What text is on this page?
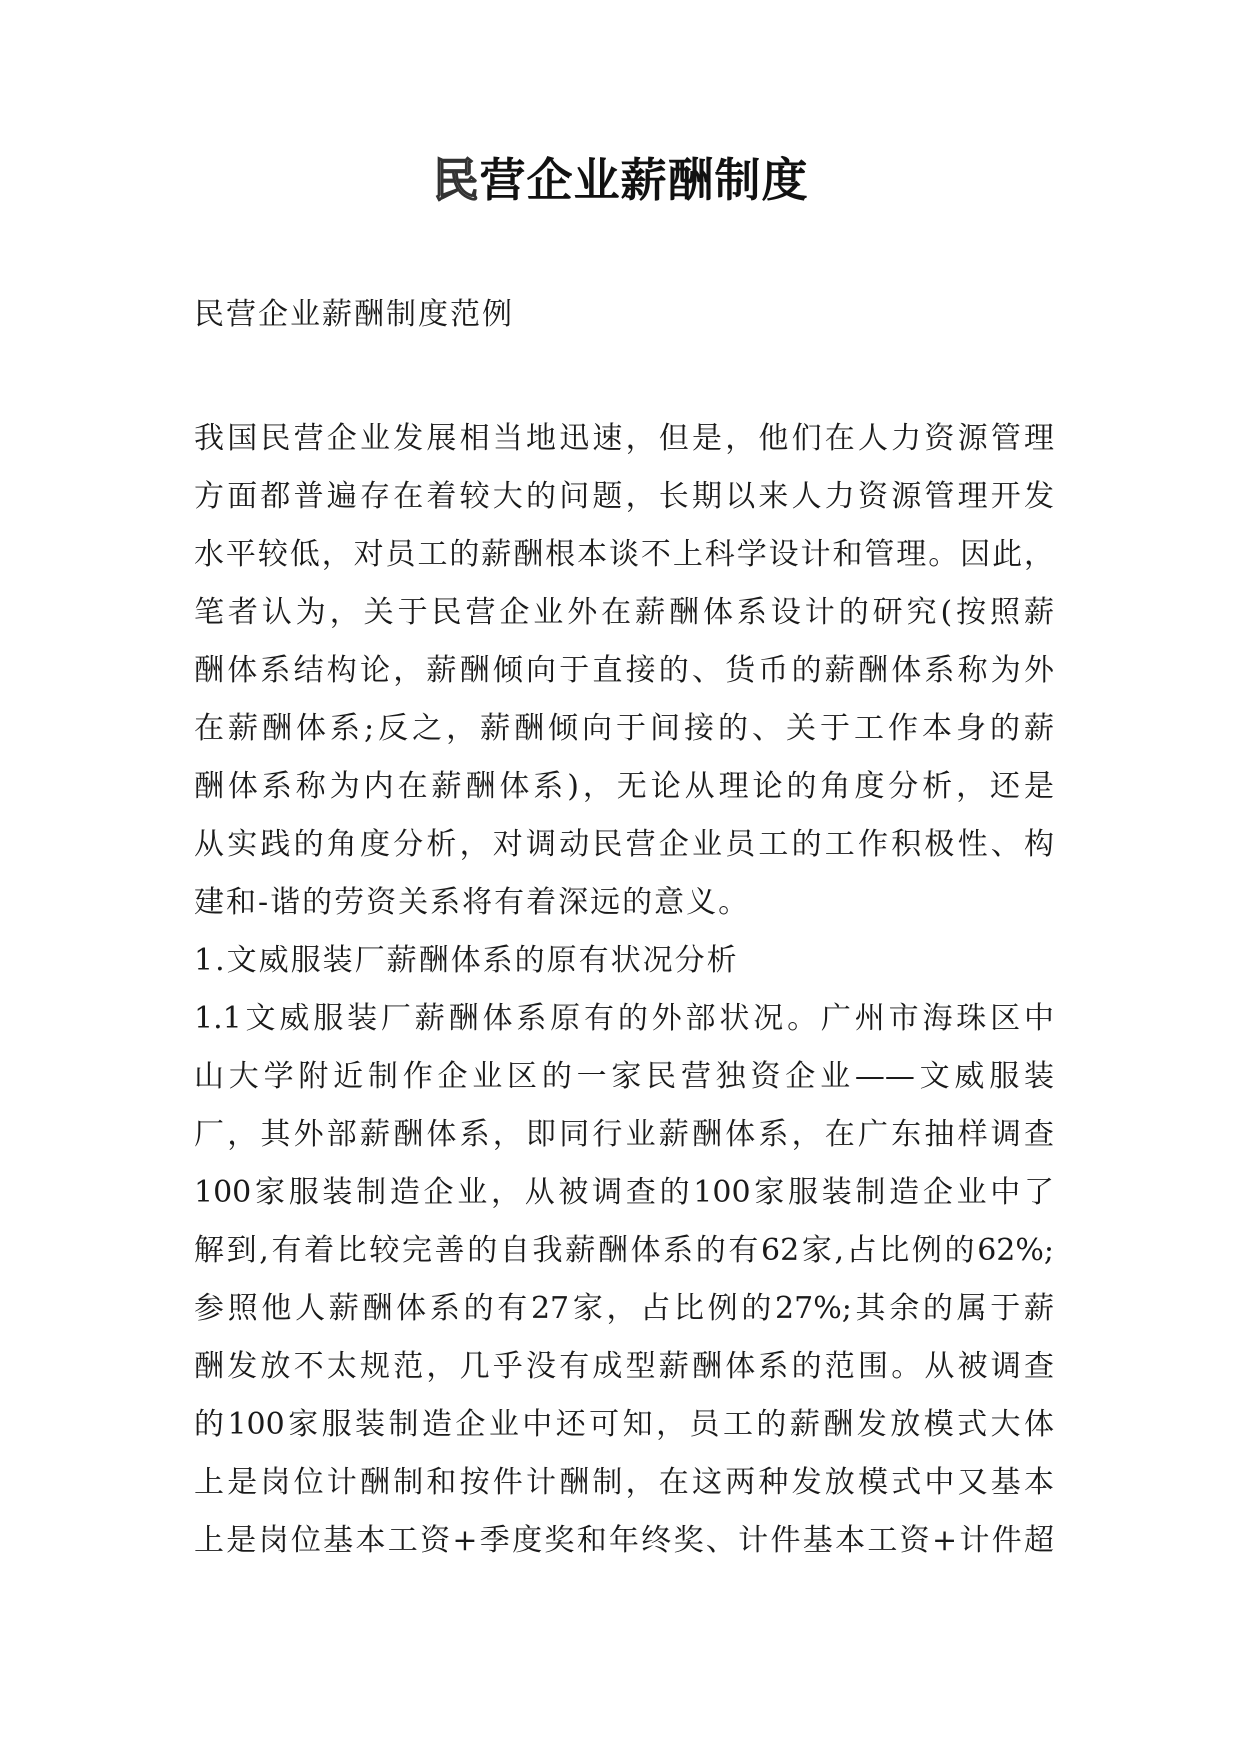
民营企业薪酬制度
民营企业薪酬制度范例
我国民营企业发展相当地迅速，但是，他们在人力资源管理
方面都普遍存在着较大的问题，长期以来人力资源管理开发
水平较低，对员工的薪酬根本谈不上科学设计和管理。因此，
笔者认为，关于民营企业外在薪酬体系设计的研究(按照薪
酬体系结构论，薪酬倾向于直接的、货币的薪酬体系称为外
在薪酬体系;反之，薪酬倾向于间接的、关于工作本身的薪
酬体系称为内在薪酬体系)，无论从理论的角度分析，还是
从实践的角度分析，对调动民营企业员工的工作积极性、构
建和-谐的劳资关系将有着深远的意义。
1.文威服装厂薪酬体系的原有状况分析
1.1文威服装厂薪酬体系原有的外部状况。广州市海珠区中
山大学附近制作企业区的一家民营独资企业——文威服装
厂，其外部薪酬体系，即同行业薪酬体系，在广东抽样调查
100家服装制造企业，从被调查的100家服装制造企业中了
解到,有着比较完善的自我薪酬体系的有62家,占比例的62%;
参照他人薪酬体系的有27家，占比例的27%;其余的属于薪
酬发放不太规范，几乎没有成型薪酬体系的范围。从被调查
的100家服装制造企业中还可知，员工的薪酬发放模式大体
上是岗位计酬制和按件计酬制，在这两种发放模式中又基本
上是岗位基本工资+季度奖和年终奖、计件基本工资+计件超
